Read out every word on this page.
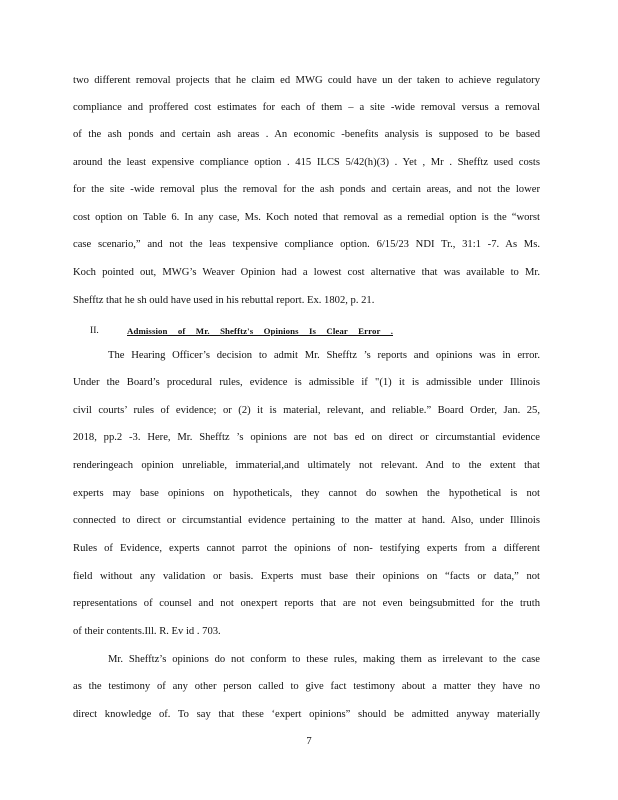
two different removal projects that he claim ed MWG could have un der taken to achieve regulatory
compliance and proffered cost estimates for each of them – a site -wide removal versus a removal
of the ash ponds and certain ash areas . An economic -benefits analysis is supposed to be based
around the least expensive compliance option . 415 ILCS 5/42(h)(3) . Yet , Mr . Shefftz used costs
for the site -wide removal plus the removal for the ash ponds and certain areas, and not the lower
cost option on Table 6. In any case, Ms. Koch noted that removal as a remedial option is the “worst
case scenario,” and not the leas texpensive compliance option. 6/15/23 NDI Tr., 31:1 -7. As Ms.
Koch pointed out, MWG’s Weaver Opinion had a lowest cost alternative that was available to Mr.
Shefftz that he sh ould have used in his rebuttal report. Ex. 1802, p. 21.
II.	Admission of Mr. Shefftz's Opinions Is Clear Error .
The Hearing Officer’s decision to admit Mr. Shefftz ’s reports and opinions was in error.
Under the Board’s procedural rules, evidence is admissible if "(1) it is admissible under Illinois
civil courts’ rules of evidence; or (2) it is material, relevant, and reliable.” Board Order, Jan. 25,
2018, pp.2 -3. Here, Mr. Shefftz ’s opinions are not bas ed on direct or circumstantial evidence
renderingeach opinion unreliable, immaterial,and ultimately not relevant. And to the extent that
experts may base opinions on hypotheticals, they cannot do sowhen the hypothetical is not
connected to direct or circumstantial evidence pertaining to the matter at hand. Also, under Illinois
Rules of Evidence, experts cannot parrot the opinions of non- testifying experts from a different
field without any validation or basis. Experts must base their opinions on “facts or data,” not
representations of counsel and not onexpert reports that are not even beingsubmitted for the truth
of their contents.Ill. R. Ev id . 703.
Mr. Shefftz’s opinions do not conform to these rules, making them as irrelevant to the case
as the testimony of any other person called to give fact testimony about a matter they have no
direct knowledge of. To say that these ‘expert opinions” should be admitted anyway materially
7
